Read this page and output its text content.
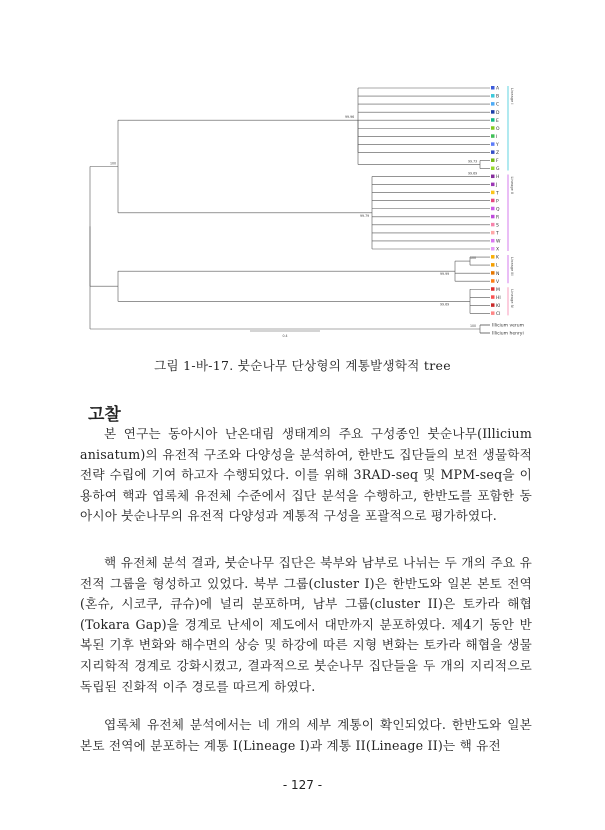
A
B
C
D
E
O
I
Y
Z
F
G
H
J
T
P
Q
R
S
T
W
X
K
L
N
V
M
HI
KI
CI
Illicium verum
Illicium henryi
99.96
100
99.73
99.79
99.69
100
99.99
99.69
100
Lineage I
Lineage II
Lineage III
Lineage IV
0.4
그림 1-바-17. 붓순나무 단상형의 계통발생학적 tree
고찰
본 연구는 동아시아 난온대림 생태계의 주요 구성종인 붓순나무(Illicium anisatum)의 유전적 구조와 다양성을 분석하여, 한반도 집단들의 보전 생물학적 전략 수립에 기여 하고자 수행되었다. 이를 위해 3RAD-seq 및 MPM-seq을 이용하여 핵과 엽록체 유전체 수준에서 집단 분석을 수행하고, 한반도를 포함한 동아시아 붓순나무의 유전적 다양성과 계통적 구성을 포괄적으로 평가하였다.
핵 유전체 분석 결과, 붓순나무 집단은 북부와 남부로 나뉘는 두 개의 주요 유전적 그룹을 형성하고 있었다. 북부 그룹(cluster I)은 한반도와 일본 본토 전역(혼슈, 시코쿠, 큐슈)에 널리 분포하며, 남부 그룹(cluster II)은 토카라 해협(Tokara Gap)을 경계로 난세이 제도에서 대만까지 분포하였다. 제4기 동안 반복된 기후 변화와 해수면의 상승 및 하강에 따른 지형 변화는 토카라 해협을 생물지리학적 경계로 강화시켰고, 결과적으로 붓순나무 집단들을 두 개의 지리적으로 독립된 진화적 이주 경로를 따르게 하였다.
엽록체 유전체 분석에서는 네 개의 세부 계통이 확인되었다. 한반도와 일본 본토 전역에 분포하는 계통 I(Lineage I)과 계통 II(Lineage II)는 핵 유전
- 127 -
